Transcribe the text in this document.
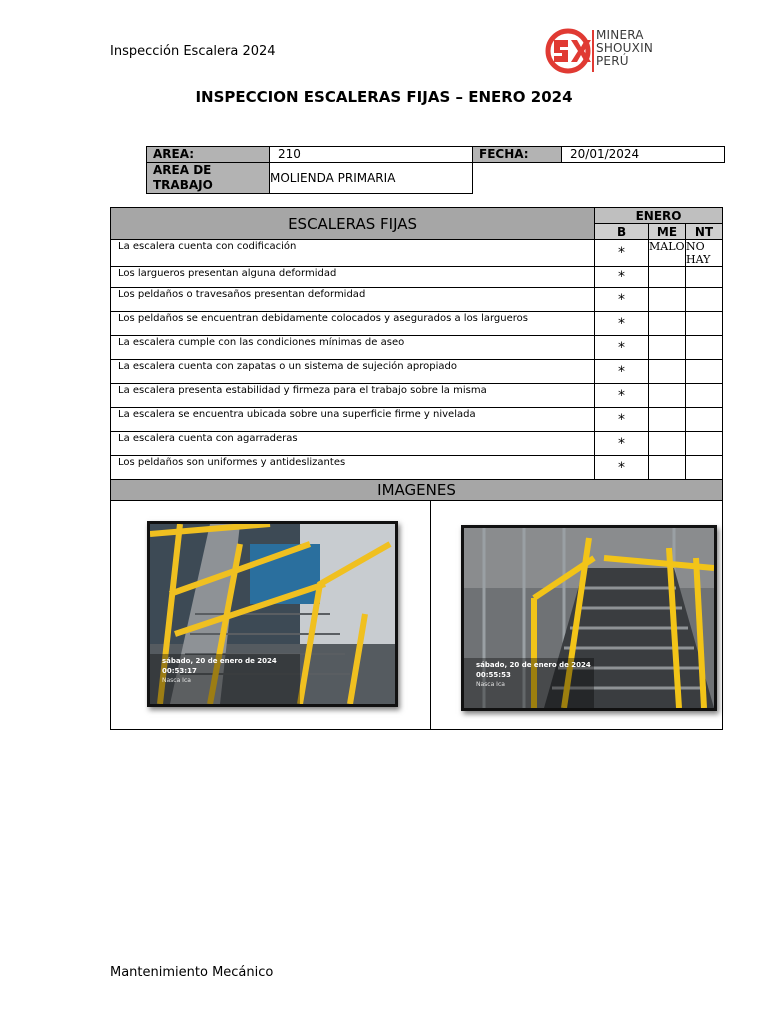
Inspección Escalera 2024
MINERA
SHOUXIN
PERÚ
INSPECCION ESCALERAS FIJAS – ENERO 2024
AREA:	210	FECHA:	20/01/2024
AREA DE TRABAJO	MOLIENDA PRIMARIA		
ESCALERAS FIJAS	ENERO
B	ME	NT
La escalera cuenta con codificación	*	MALO	NO HAY
Los largueros presentan alguna deformidad	*		
Los peldaños o travesaños presentan deformidad	*		
Los peldaños se encuentran debidamente colocados y asegurados a los largueros	*		
La escalera cumple con las condiciones mínimas de aseo	*		
La escalera cuenta con zapatas o un sistema de sujeción apropiado	*		
La escalera presenta estabilidad y firmeza para el trabajo sobre la misma	*		
La escalera se encuentra ubicada sobre una superficie firme y nivelada	*		
La escalera cuenta con agarraderas	*		
Los peldaños son uniformes y antideslizantes	*		
IMAGENES

sábado, 20 de enero de 2024
00:53:17
Nasca Ica

sábado, 20 de enero de 2024
00:55:53
Nasca Ica
Mantenimiento Mecánico
